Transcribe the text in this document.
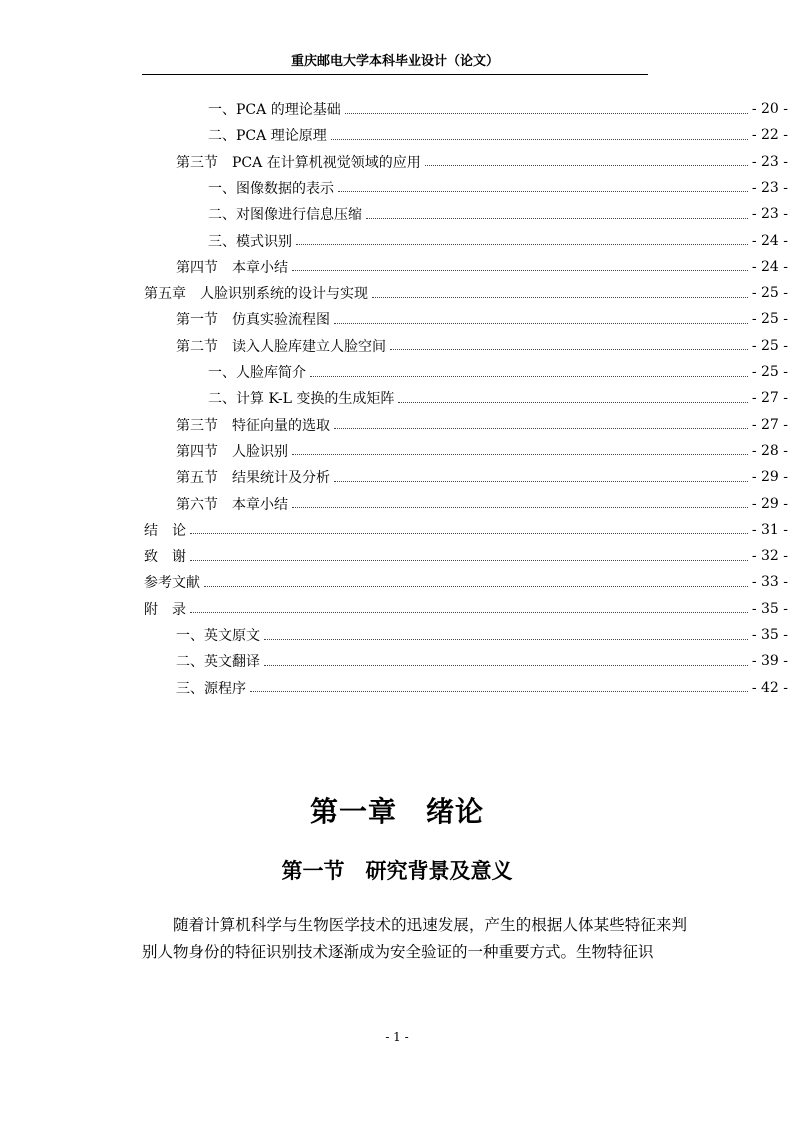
重庆邮电大学本科毕业设计（论文）
一、PCA 的理论基础	- 20 -
二、PCA 理论原理	- 22 -
第三节　PCA 在计算机视觉领域的应用	- 23 -
一、图像数据的表示	- 23 -
二、对图像进行信息压缩	- 23 -
三、模式识别	- 24 -
第四节　本章小结	- 24 -
第五章　人脸识别系统的设计与实现	- 25 -
第一节　仿真实验流程图	- 25 -
第二节　读入人脸库建立人脸空间	- 25 -
一、人脸库简介	- 25 -
二、计算 K-L 变换的生成矩阵	- 27 -
第三节　特征向量的选取	- 27 -
第四节　人脸识别	- 28 -
第五节　结果统计及分析	- 29 -
第六节　本章小结	- 29 -
结　论	- 31 -
致　谢	- 32 -
参考文献	- 33 -
附　录	- 35 -
一、英文原文	- 35 -
二、英文翻译	- 39 -
三、源程序	- 42 -
第一章　绪论
第一节　研究背景及意义
随着计算机科学与生物医学技术的迅速发展，产生的根据人体某些特征来判别人物身份的特征识别技术逐渐成为安全验证的一种重要方式。生物特征识
- 1 -
